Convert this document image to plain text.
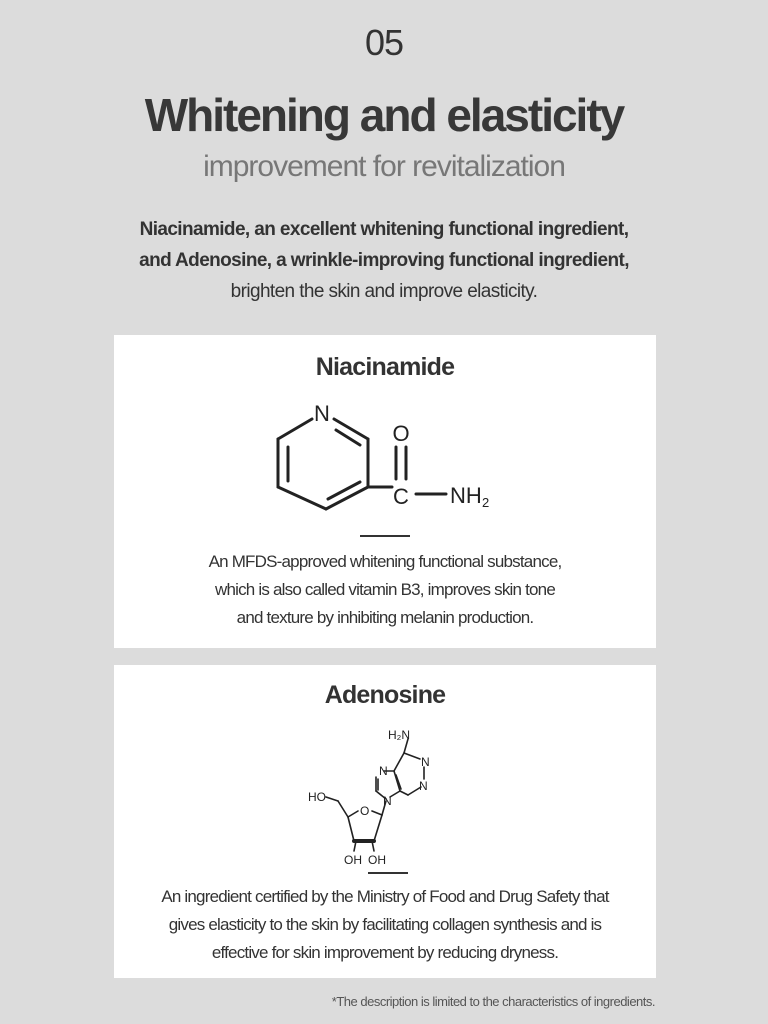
05
Whitening and elasticity
improvement for revitalization
Niacinamide, an excellent whitening functional ingredient,
and Adenosine, a wrinkle-improving functional ingredient,
brighten the skin and improve elasticity.
Niacinamide
N
O
C NH 2
An MFDS-approved whitening functional substance,
which is also called vitamin B3, improves skin tone
and texture by inhibiting melanin production.
Adenosine
H₂N
N
N
N
N
O
HO
OH OH
An ingredient certified by the Ministry of Food and Drug Safety that
gives elasticity to the skin by facilitating collagen synthesis and is
effective for skin improvement by reducing dryness.
*The description is limited to the characteristics of ingredients.
